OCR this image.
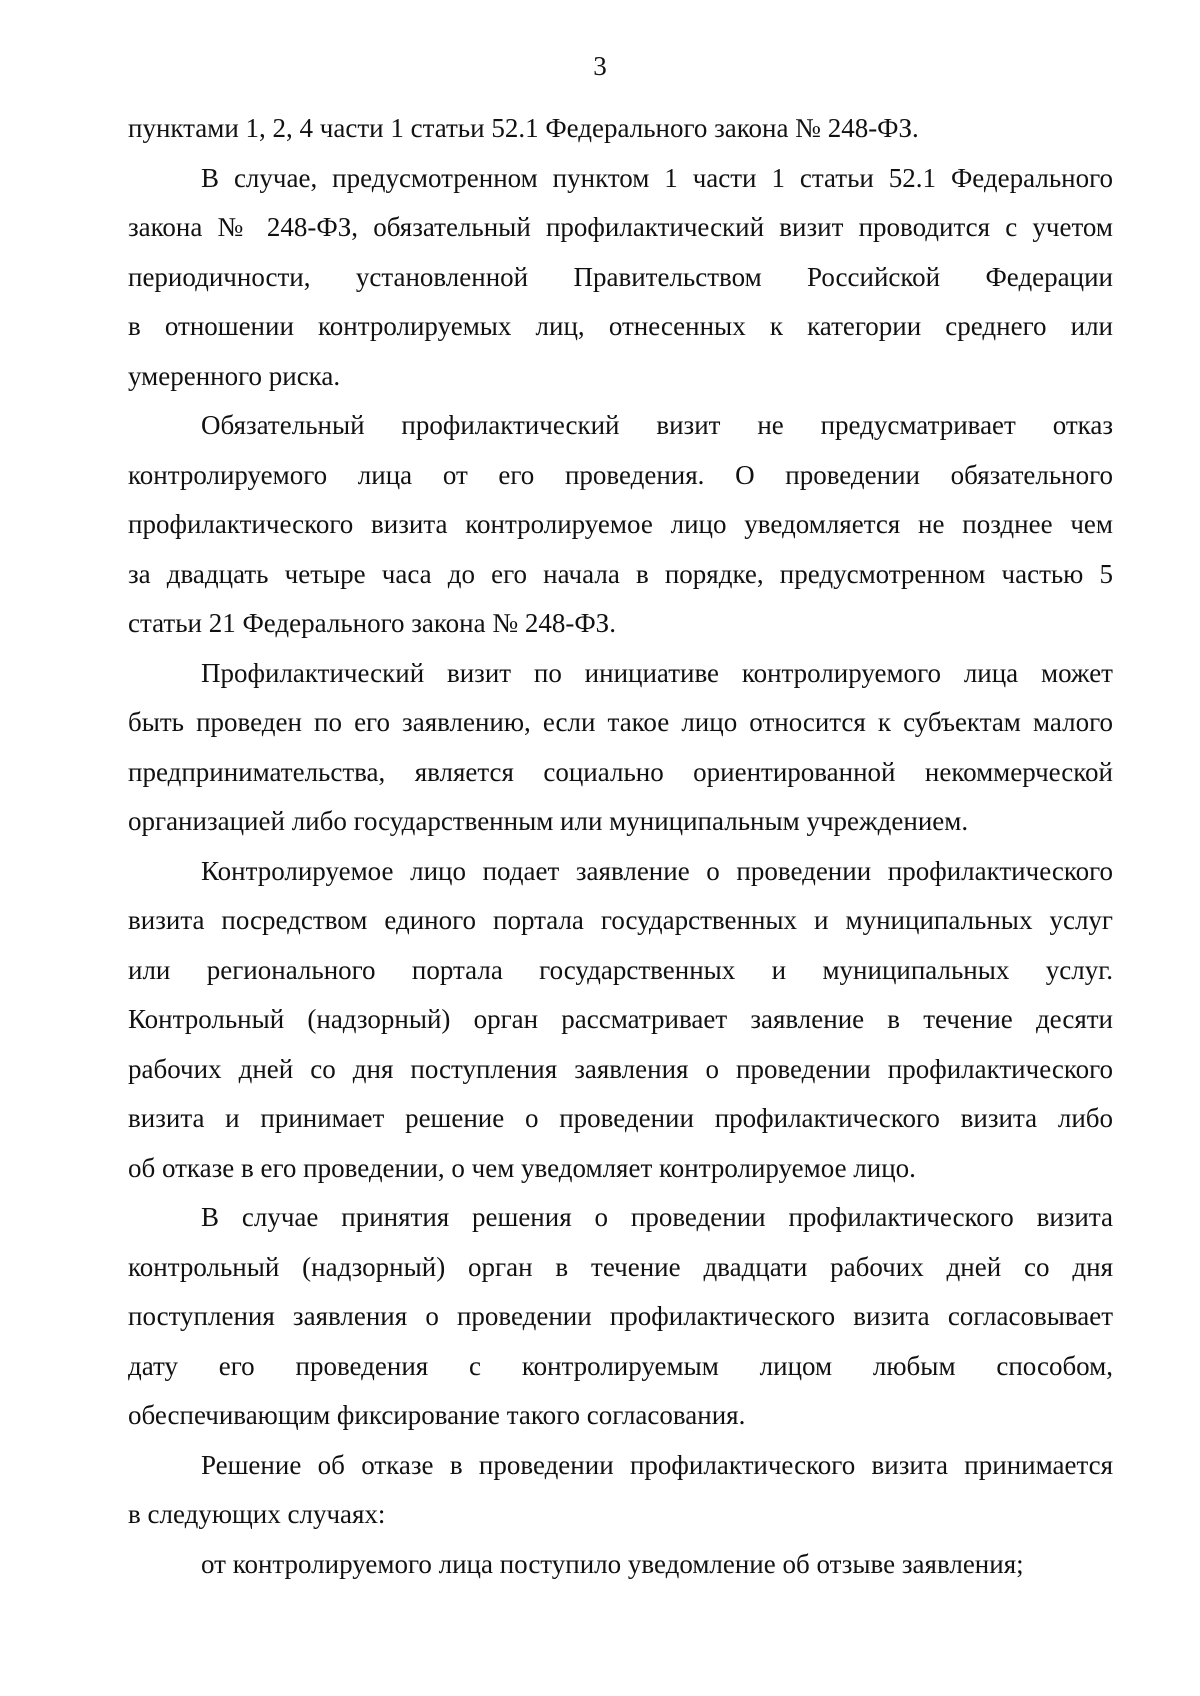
3
пунктами 1, 2, 4 части 1 статьи 52.1 Федерального закона № 248-ФЗ.
В случае, предусмотренном пунктом 1 части 1 статьи 52.1 Федерального
закона № 248-ФЗ, обязательный профилактический визит проводится с учетом
периодичности, установленной Правительством Российской Федерации
в отношении контролируемых лиц, отнесенных к категории среднего или
умеренного риска.
Обязательный профилактический визит не предусматривает отказ
контролируемого лица от его проведения. О проведении обязательного
профилактического визита контролируемое лицо уведомляется не позднее чем
за двадцать четыре часа до его начала в порядке, предусмотренном частью 5
статьи 21 Федерального закона № 248-ФЗ.
Профилактический визит по инициативе контролируемого лица может
быть проведен по его заявлению, если такое лицо относится к субъектам малого
предпринимательства, является социально ориентированной некоммерческой
организацией либо государственным или муниципальным учреждением.
Контролируемое лицо подает заявление о проведении профилактического
визита посредством единого портала государственных и муниципальных услуг
или регионального портала государственных и муниципальных услуг.
Контрольный (надзорный) орган рассматривает заявление в течение десяти
рабочих дней со дня поступления заявления о проведении профилактического
визита и принимает решение о проведении профилактического визита либо
об отказе в его проведении, о чем уведомляет контролируемое лицо.
В случае принятия решения о проведении профилактического визита
контрольный (надзорный) орган в течение двадцати рабочих дней со дня
поступления заявления о проведении профилактического визита согласовывает
дату его проведения с контролируемым лицом любым способом,
обеспечивающим фиксирование такого согласования.
Решение об отказе в проведении профилактического визита принимается
в следующих случаях:
от контролируемого лица поступило уведомление об отзыве заявления;
